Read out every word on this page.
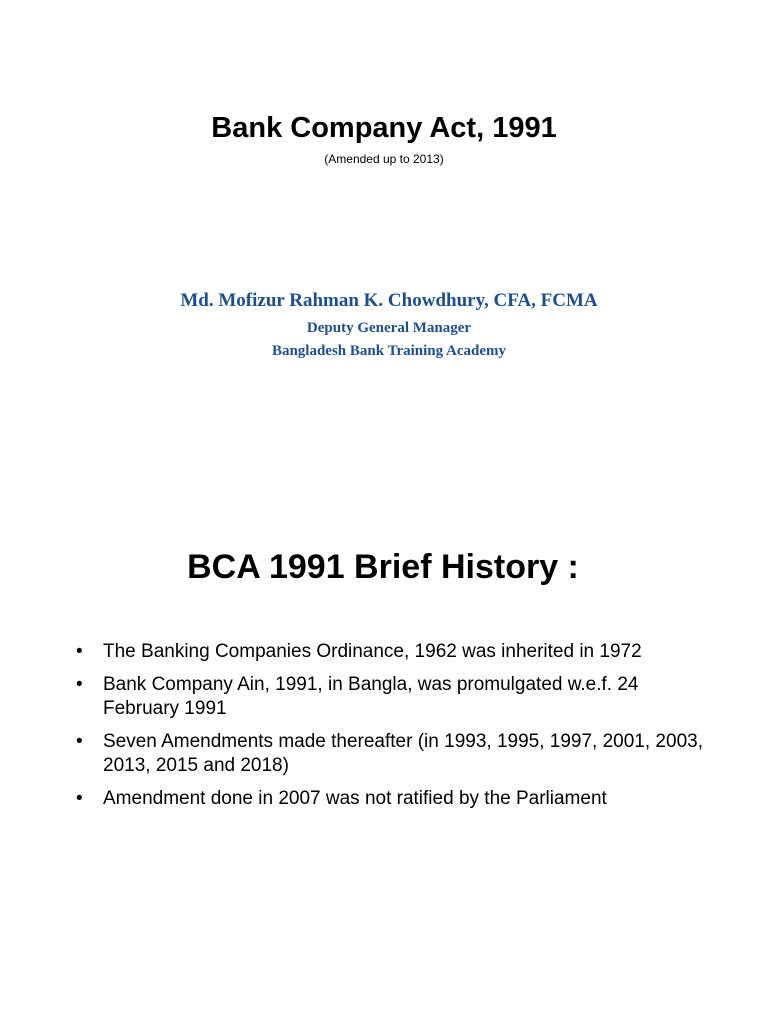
Bank Company Act, 1991

(Amended up to 2013)

Md. Mofizur Rahman K. Chowdhury, CFA, FCMA

Deputy General Manager

Bangladesh Bank Training Academy

BCA 1991 Brief History :
• The Banking Companies Ordinance, 1962 was inherited in 1972
• Bank Company Ain, 1991, in Bangla, was promulgated w.e.f. 24 February 1991
• Seven Amendments made thereafter (in 1993, 1995, 1997, 2001, 2003, 2013, 2015 and 2018)
• Amendment done in 2007 was not ratified by the Parliament
